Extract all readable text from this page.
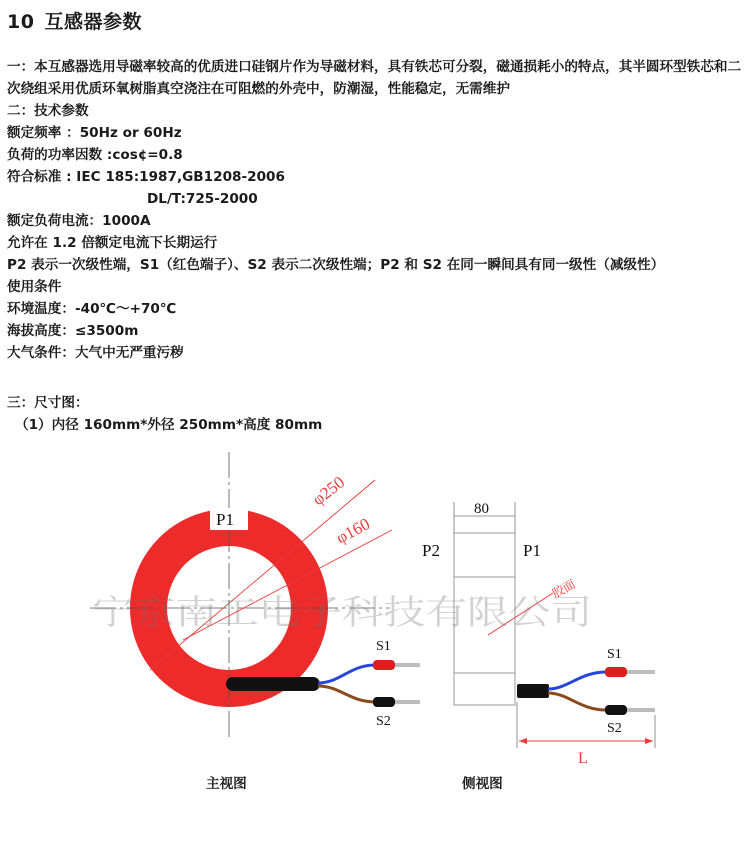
10 互感器参数
一：本互感器选用导磁率较高的优质进口硅钢片作为导磁材料，具有铁芯可分裂，磁通损耗小的特点，其半圆环型铁芯和二次绕组采用优质环氧树脂真空浇注在可阻燃的外壳中，防潮湿，性能稳定，无需维护
二：技术参数
额定频率 ：50Hz or 60Hz
负荷的功率因数 :cos¢=0.8
符合标准 : IEC 185:1987,GB1208-2006
DL/T:725-2000
额定负荷电流：1000A
允许在 1.2 倍额定电流下长期运行
P2 表示一次级性端，S1（红色端子）、S2 表示二次级性端；P2 和 S2 在同一瞬间具有同一级性（减级性）
使用条件
环境温度：-40℃～+70℃
海拔高度：≤3500m
大气条件：大气中无严重污秽
三：尺寸图：
（1）内径 160mm*外径 250mm*高度 80mm
φ250
φ160
P1
S1
S2
80
P2	P1
胶面
S1
S2
L
宁京南工电子科技有限公司
主视图	侧视图
